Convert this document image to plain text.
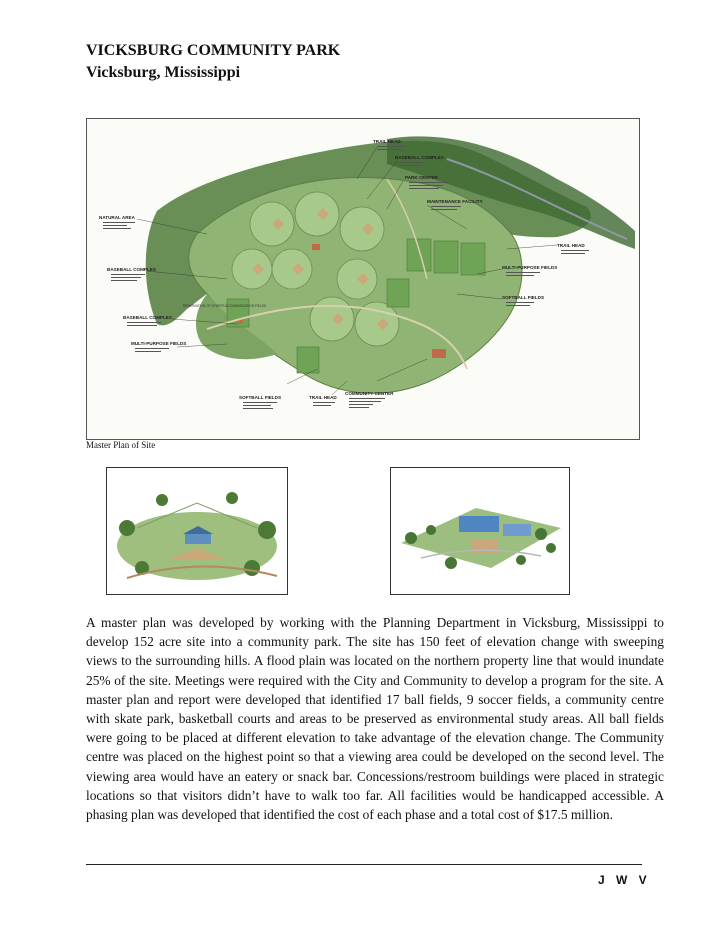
VICKSBURG COMMUNITY PARK
Vicksburg, Mississippi
TRAIL HEAD
BASEBALL COMPLEX
PARK CENTER
MAINTENANCE FACILITY
NATURAL AREA
TRAIL HEAD
BASEBALL COMPLEX	MULTI-PURPOSE FIELDS
BASEBALL COMPLEX
SOFTBALL FIELDS
MULTI-PURPOSE FIELDS
SOFTBALL FIELDS	TRAIL HEAD
COMMUNITY CENTER
RESERVATION OF SPORTS ACCOMMODATION FIELDS
Master Plan of Site
A master plan was developed by working with the Planning Department in Vicksburg, Mississippi to develop 152 acre site into a community park. The site has 150 feet of elevation change with sweeping views to the surrounding hills. A flood plain was located on the northern property line that would inundate 25% of the site. Meetings were required with the City and Community to develop a program for the site. A master plan and report were developed that identified 17 ball fields, 9 soccer fields, a community centre with skate park, basketball courts and areas to be preserved as environmental study areas. All ball fields were going to be placed at different elevation to take advantage of the elevation change. The Community centre was placed on the highest point so that a viewing area could be developed on the second level. The viewing area would have an eatery or snack bar. Concessions/restroom buildings were placed in strategic locations so that visitors didn’t have to walk too far. All facilities would be handicapped accessible. A phasing plan was developed that identified the cost of each phase and a total cost of $17.5 million.
J W V
